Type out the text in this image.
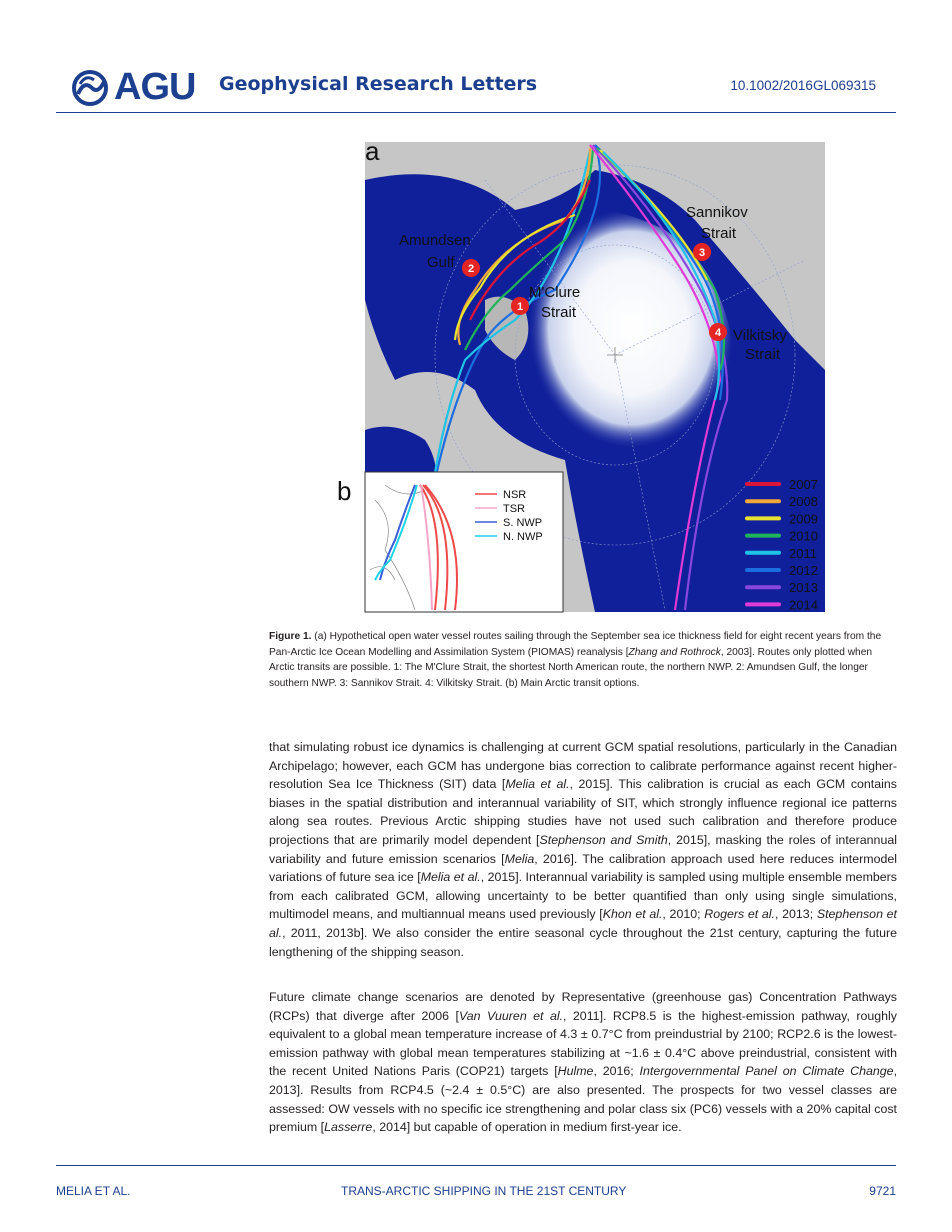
AGU Geophysical Research Letters	10.1002/2016GL069315
1
2
3
4
a
Amundsen
Gulf
M'Clure
Strait
Sannikov
Strait
Vilkitsky
Strait
2007
2008
2009
2010
2011
2012
2013
2014
b	NSR
TSR
S. NWP
N. NWP
Figure 1. (a) Hypothetical open water vessel routes sailing through the September sea ice thickness field for eight recent years from the Pan-Arctic Ice Ocean Modelling and Assimilation System (PIOMAS) reanalysis [Zhang and Rothrock, 2003]. Routes only plotted when Arctic transits are possible. 1: The M'Clure Strait, the shortest North American route, the northern NWP. 2: Amundsen Gulf, the longer southern NWP. 3: Sannikov Strait. 4: Vilkitsky Strait. (b) Main Arctic transit options.
that simulating robust ice dynamics is challenging at current GCM spatial resolutions, particularly in the Canadian Archipelago; however, each GCM has undergone bias correction to calibrate performance against recent higher-resolution Sea Ice Thickness (SIT) data [Melia et al., 2015]. This calibration is crucial as each GCM contains biases in the spatial distribution and interannual variability of SIT, which strongly influence regional ice patterns along sea routes. Previous Arctic shipping studies have not used such calibration and therefore produce projections that are primarily model dependent [Stephenson and Smith, 2015], masking the roles of interannual variability and future emission scenarios [Melia, 2016]. The calibration approach used here reduces intermodel variations of future sea ice [Melia et al., 2015]. Interannual variability is sampled using multiple ensemble members from each calibrated GCM, allowing uncertainty to be better quantified than only using single simulations, multimodel means, and multiannual means used previously [Khon et al., 2010; Rogers et al., 2013; Stephenson et al., 2011, 2013b]. We also consider the entire seasonal cycle throughout the 21st century, capturing the future lengthening of the shipping season.
Future climate change scenarios are denoted by Representative (greenhouse gas) Concentration Pathways (RCPs) that diverge after 2006 [Van Vuuren et al., 2011]. RCP8.5 is the highest-emission pathway, roughly equivalent to a global mean temperature increase of 4.3 ± 0.7°C from preindustrial by 2100; RCP2.6 is the lowest-emission pathway with global mean temperatures stabilizing at ~1.6 ± 0.4°C above preindustrial, consistent with the recent United Nations Paris (COP21) targets [Hulme, 2016; Intergovernmental Panel on Climate Change, 2013]. Results from RCP4.5 (~2.4 ± 0.5°C) are also presented. The prospects for two vessel classes are assessed: OW vessels with no specific ice strengthening and polar class six (PC6) vessels with a 20% capital cost premium [Lasserre, 2014] but capable of operation in medium first-year ice.
MELIA ET AL.	TRANS-ARCTIC SHIPPING IN THE 21ST CENTURY	9721
